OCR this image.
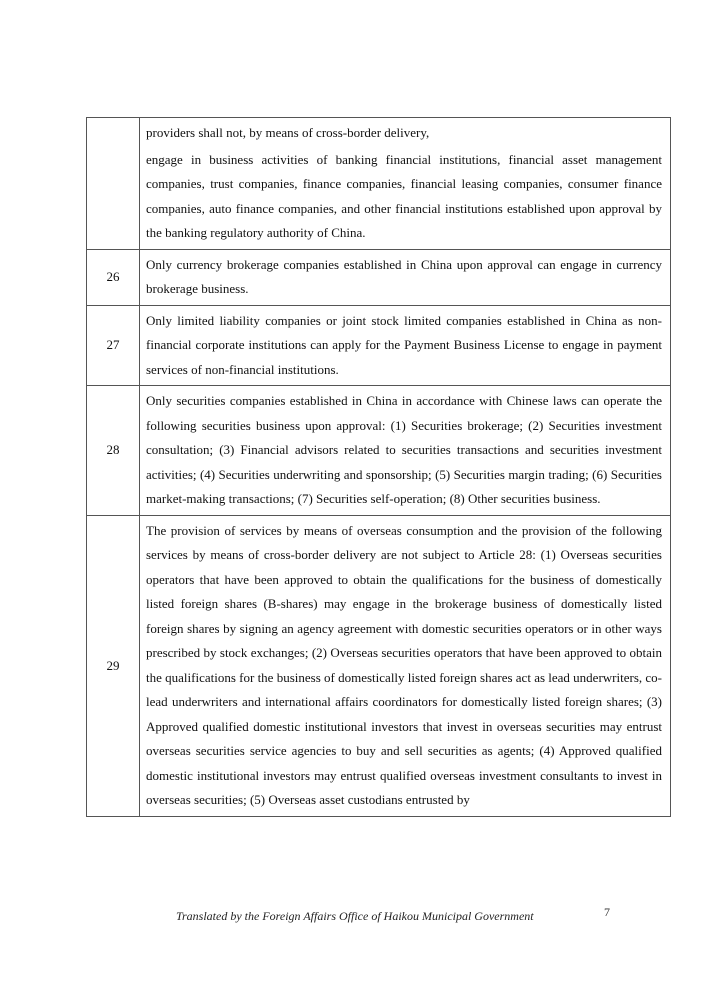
	providers shall not, by means of cross-border delivery,

engage in business activities of banking financial institutions, financial asset management companies, trust companies, finance companies, financial leasing companies, consumer finance companies, auto finance companies, and other financial institutions established upon approval by the banking regulatory authority of China.

26	Only currency brokerage companies established in China upon approval can engage in currency brokerage business.

27	Only limited liability companies or joint stock limited companies established in China as non-financial corporate institutions can apply for the Payment Business License to engage in payment services of non-financial institutions.

28	Only securities companies established in China in accordance with Chinese laws can operate the following securities business upon approval: (1) Securities brokerage; (2) Securities investment consultation; (3) Financial advisors related to securities transactions and securities investment activities; (4) Securities underwriting and sponsorship; (5) Securities margin trading; (6) Securities market-making transactions; (7) Securities self-operation; (8) Other securities business.

29	The provision of services by means of overseas consumption and the provision of the following services by means of cross-border delivery are not subject to Article 28: (1) Overseas securities operators that have been approved to obtain the qualifications for the business of domestically listed foreign shares (B-shares) may engage in the brokerage business of domestically listed foreign shares by signing an agency agreement with domestic securities operators or in other ways prescribed by stock exchanges; (2) Overseas securities operators that have been approved to obtain the qualifications for the business of domestically listed foreign shares act as lead underwriters, co-lead underwriters and international affairs coordinators for domestically listed foreign shares; (3) Approved qualified domestic institutional investors that invest in overseas securities may entrust overseas securities service agencies to buy and sell securities as agents; (4) Approved qualified domestic institutional investors may entrust qualified overseas investment consultants to invest in overseas securities; (5) Overseas asset custodians entrusted by

Translated by the Foreign Affairs Office of Haikou Municipal Government	7
